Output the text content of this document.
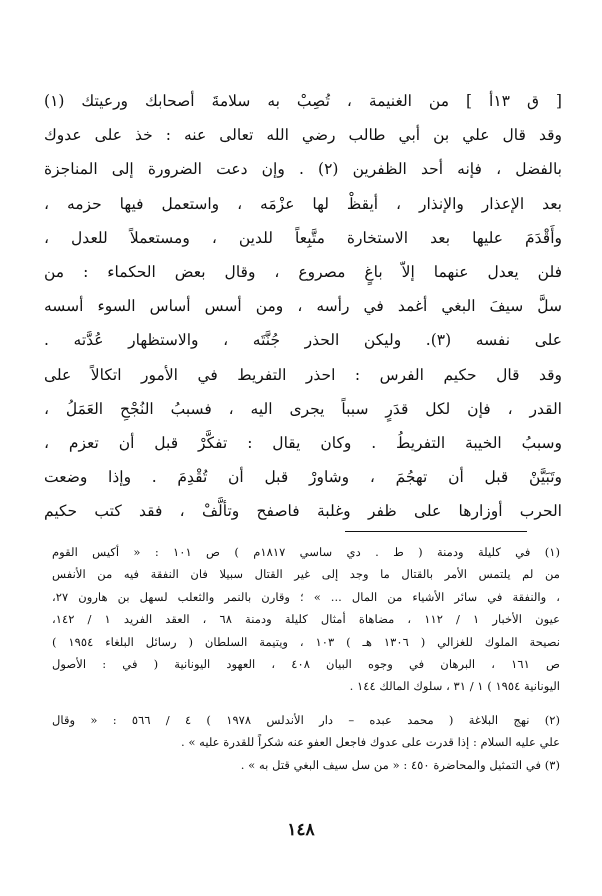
[ ق ١٣أ ] من الغنيمة ، تُصِبْ به سلامةَ أصحابك ورعيتك (١)
وقد قال علي بن أبي طالب رضي الله تعالى عنه : خذ على عدوك
بالفضل ، فإنه أحد الظفرين (٢) . وإن دعت الضرورة إلى المناجزة
بعد الإعذار والإنذار ، أيقظْ لها عزْمَه ، واستعمل فيها حزمه ،
وأَقْدَمَ عليها بعد الاستخارة متَّبِعاً للدين ، ومستعملاً للعدل ،
فلن يعدل عنهما إلاّ باغٍ مصروع ، وقال بعض الحكماء : من
سلَّ سيفَ البغي أغمد في رأسه ، ومن أسس أساس السوء أسسه
على نفسه (٣). وليكن الحذر جُنَّتَه ، والاستظهار عُدَّته .
وقد قال حكيم الفرس : احذر التفريط في الأمور اتكالاً على
القدر ، فإن لكل قدَرٍ سبباً يجرى اليه ، فسببُ النُجْحِ العَمَلُ ،
وسببُ الخيبة التفريطُ . وكان يقال : تفكَّرْ قبل أن تعزم ،
وتَبَيَّنْ قبل أن تهجُمَ ، وشاورْ قبل أن تُقْدِمَ . وإذا وضعت
الحرب أوزارها على ظفر وغلبة فاصفح وتألَّفْ ، فقد كتب حكيم
(١) في كليلة ودمنة ( ط . دي ساسي ١٨١٧م ) ص ١٠١ : « أكيس القوم
من لم يلتمس الأمر بالقتال ما وجد إلى غير القتال سبيلا فان النفقة فيه من الأنفس
، والنفقة في سائر الأشياء من المال ... » ؛ وقارن بالنمر والثعلب لسهل بن هارون ٢٧،
عيون الأخبار ١ / ١١٢ ، مضاهاة أمثال كليلة ودمنة ٦٨ ، العقد الفريد ١ / ١٤٢،
نصيحة الملوك للغزالي ( ١٣٠٦ هـ ) ١٠٣ ، ويتيمة السلطان ( رسائل البلغاء ١٩٥٤ )
ص ١٦١ ، البرهان في وجوه البيان ٤٠٨ ، العهود اليونانية ( في : الأصول
اليونانية ١٩٥٤ ) ١ / ٣١ ، سلوك المالك ١٤٤ .
(٢) نهج البلاغة ( محمد عبده – دار الأندلس ١٩٧٨ ) ٤ / ٥٦٦ : « وقال
علي عليه السلام : إذا قدرت على عدوك فاجعل العفو عنه شكراً للقدرة عليه » .
(٣) في التمثيل والمحاضرة ٤٥٠ : « من سل سيف البغي قتل به » .
١٤٨
